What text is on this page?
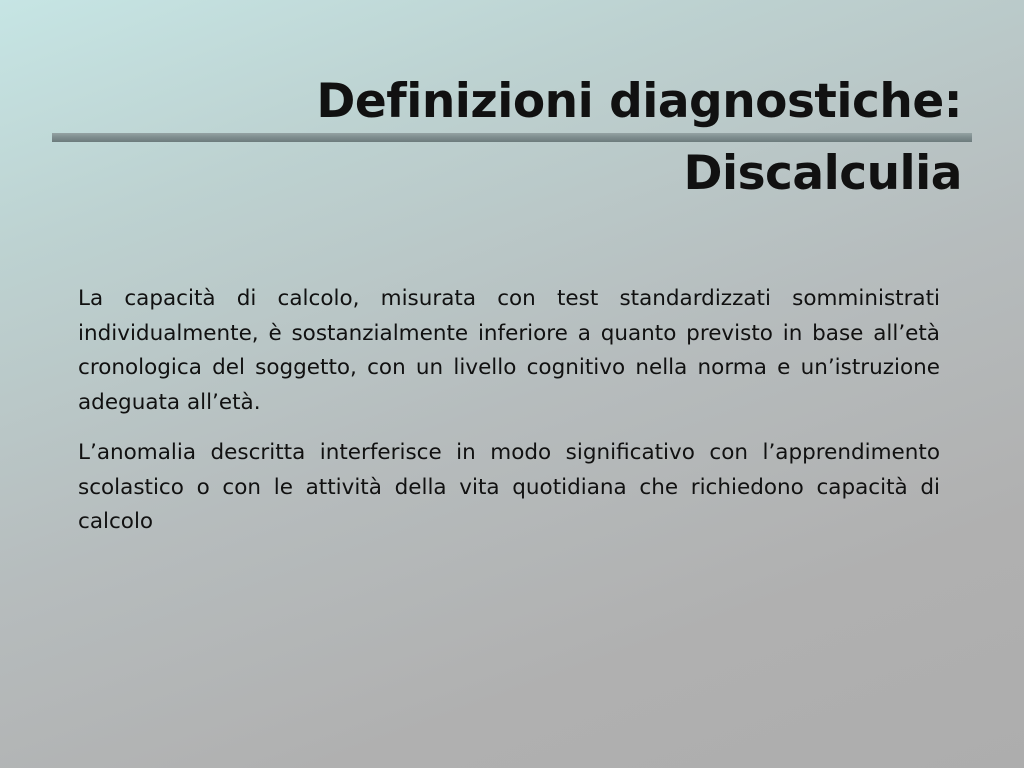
Definizioni diagnostiche:
Discalculia

La capacità di calcolo, misurata con test standardizzati somministrati individualmente, è sostanzialmente inferiore a quanto previsto in base all’età cronologica del soggetto, con un livello cognitivo nella norma e un’istruzione adeguata all’età.

L’anomalia descritta interferisce in modo significativo con l’apprendimento scolastico o con le attività della vita quotidiana che richiedono capacità di calcolo
